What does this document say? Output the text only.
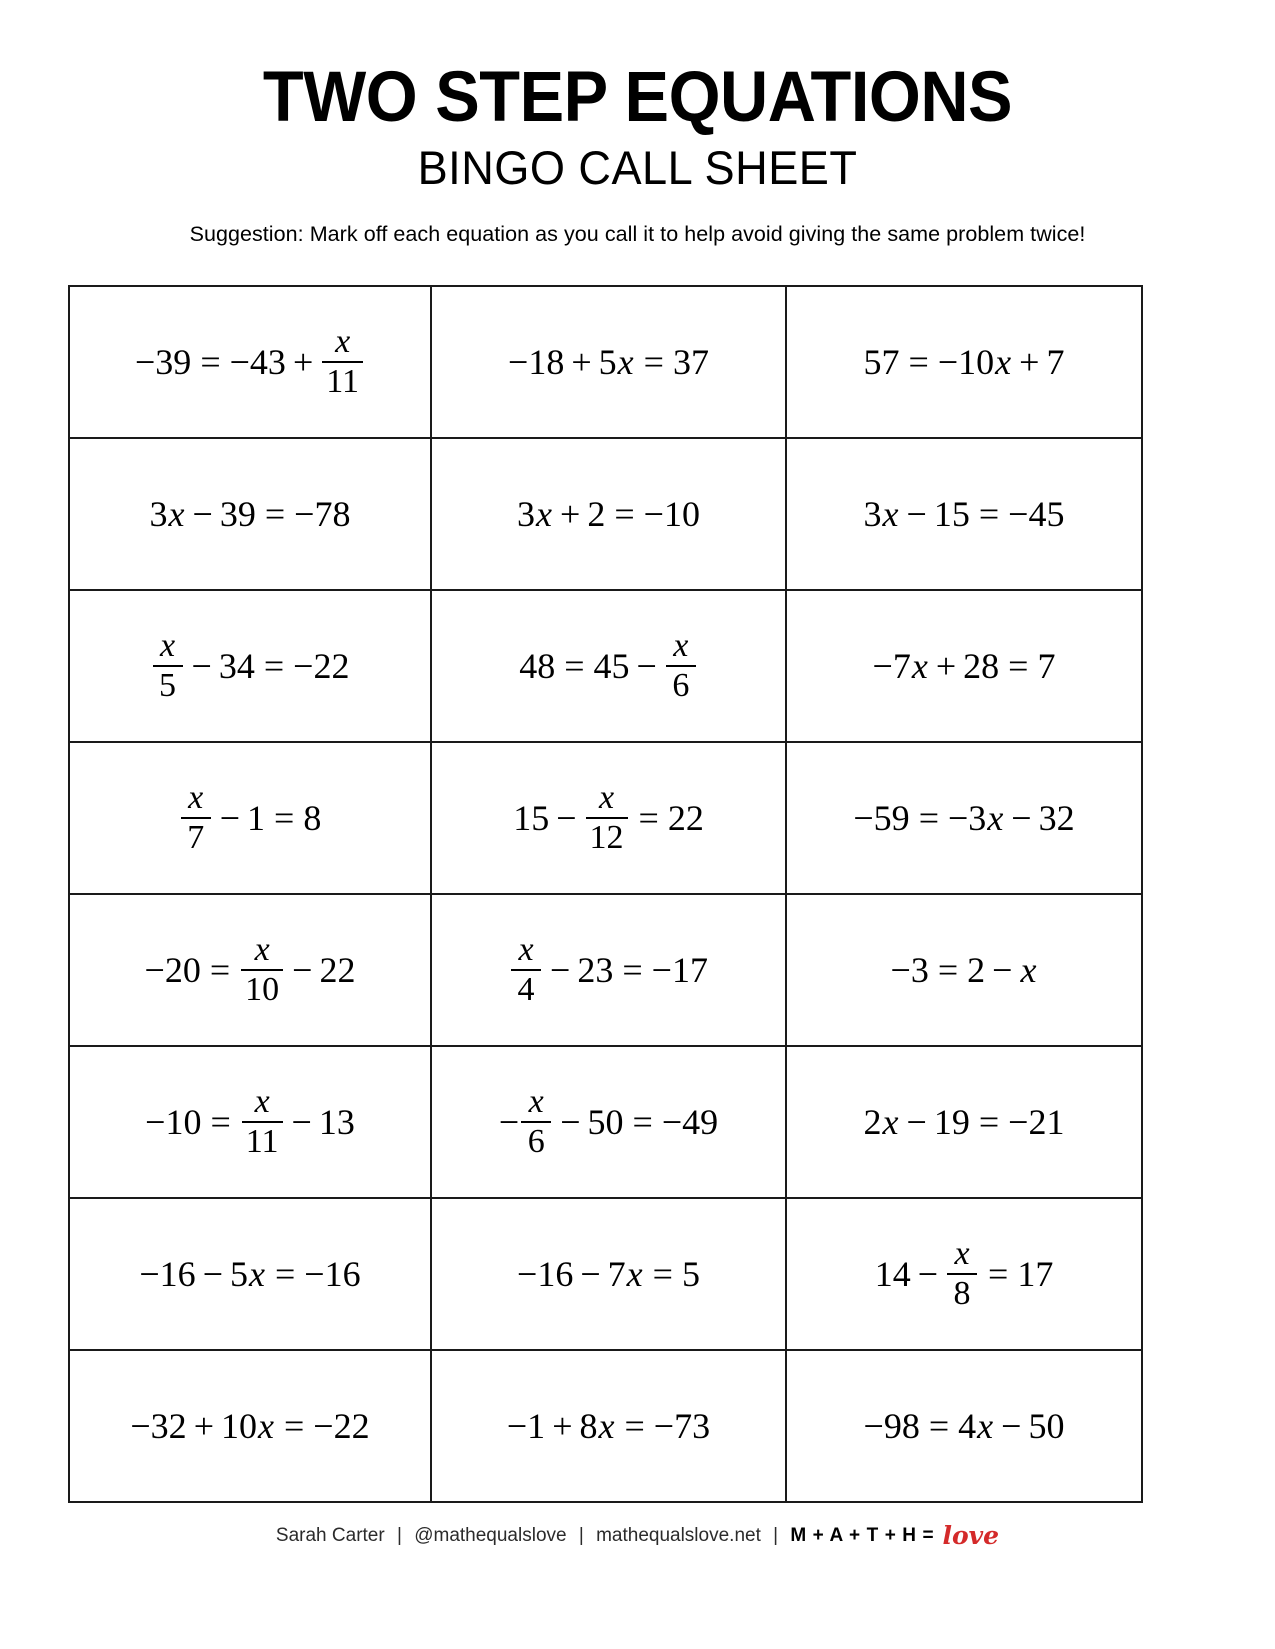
TWO STEP EQUATIONS
BINGO CALL SHEET

Suggestion: Mark off each equation as you call it to help avoid giving the same problem twice!

$-39 = -43 + \frac{x}{11}$	−18 + 5 x = 37	57 = −10 x + 7

3 x − 39 = −78	3 x + 2 = −10	3 x − 15 = −45

$\frac{x}{5} - 34 = -22$	$48 = 45 - \frac{x}{6}$	−7 x + 28 = 7

$\frac{x}{7} - 1 = 8$	$15 - \frac{x}{12} = 22$	−59 = −3 x − 32

$-20 = \frac{x}{10} - 22$	$\frac{x}{4} - 23 = -17$	−3 = 2 − x

$-10 = \frac{x}{11} - 13$	− $\frac{x}{6} - 50 = -49$	2 x − 19 = −21

−16 − 5 x = −16	−16 − 7 x = 5	$14 - \frac{x}{8} = 17$

−32 + 10 x = −22	−1 + 8 x = −73	−98 = 4 x − 50
Sarah Carter | @mathequalslove | mathequalslove.net | M + A + T + H = love
